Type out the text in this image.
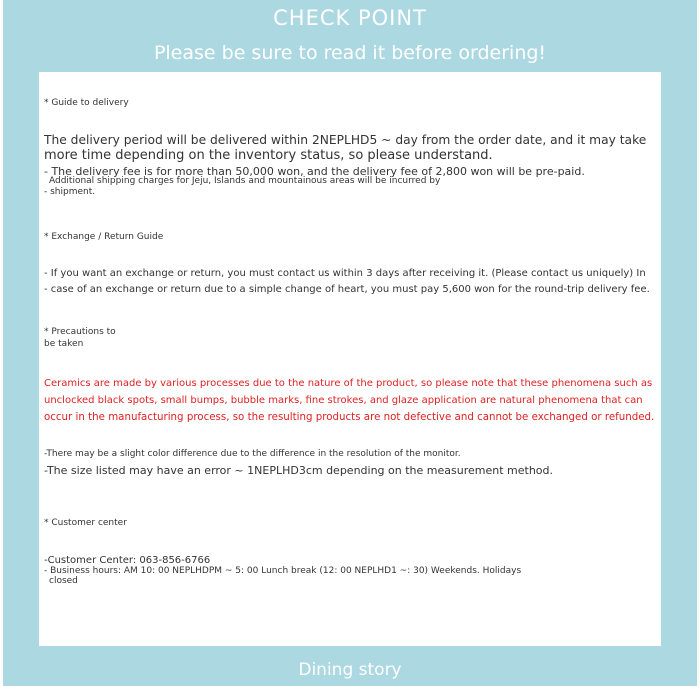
CHECK POINT
Please be sure to read it before ordering!
* Guide to delivery
The delivery period will be delivered within 2NEPLHD5 ~ day from the order date, and it may take
more time depending on the inventory status, so please understand.
- The delivery fee is for more than 50,000 won, and the delivery fee of 2,800 won will be pre-paid.
Additional shipping charges for Jeju, Islands and mountainous areas will be incurred by
- shipment.
* Exchange / Return Guide
- If you want an exchange or return, you must contact us within 3 days after receiving it. (Please contact us uniquely) In
- case of an exchange or return due to a simple change of heart, you must pay 5,600 won for the round-trip delivery fee.
* Precautions to
be taken
Ceramics are made by various processes due to the nature of the product, so please note that these phenomena such as
unclocked black spots, small bumps, bubble marks, fine strokes, and glaze application are natural phenomena that can
occur in the manufacturing process, so the resulting products are not defective and cannot be exchanged or refunded.
-There may be a slight color difference due to the difference in the resolution of the monitor.
-The size listed may have an error ~ 1NEPLHD3cm depending on the measurement method.
* Customer center
-Customer Center: 063-856-6766
- Business hours: AM 10: 00 NEPLHDPM ~ 5: 00 Lunch break (12: 00 NEPLHD1 ~: 30) Weekends. Holidays
closed
Dining story
